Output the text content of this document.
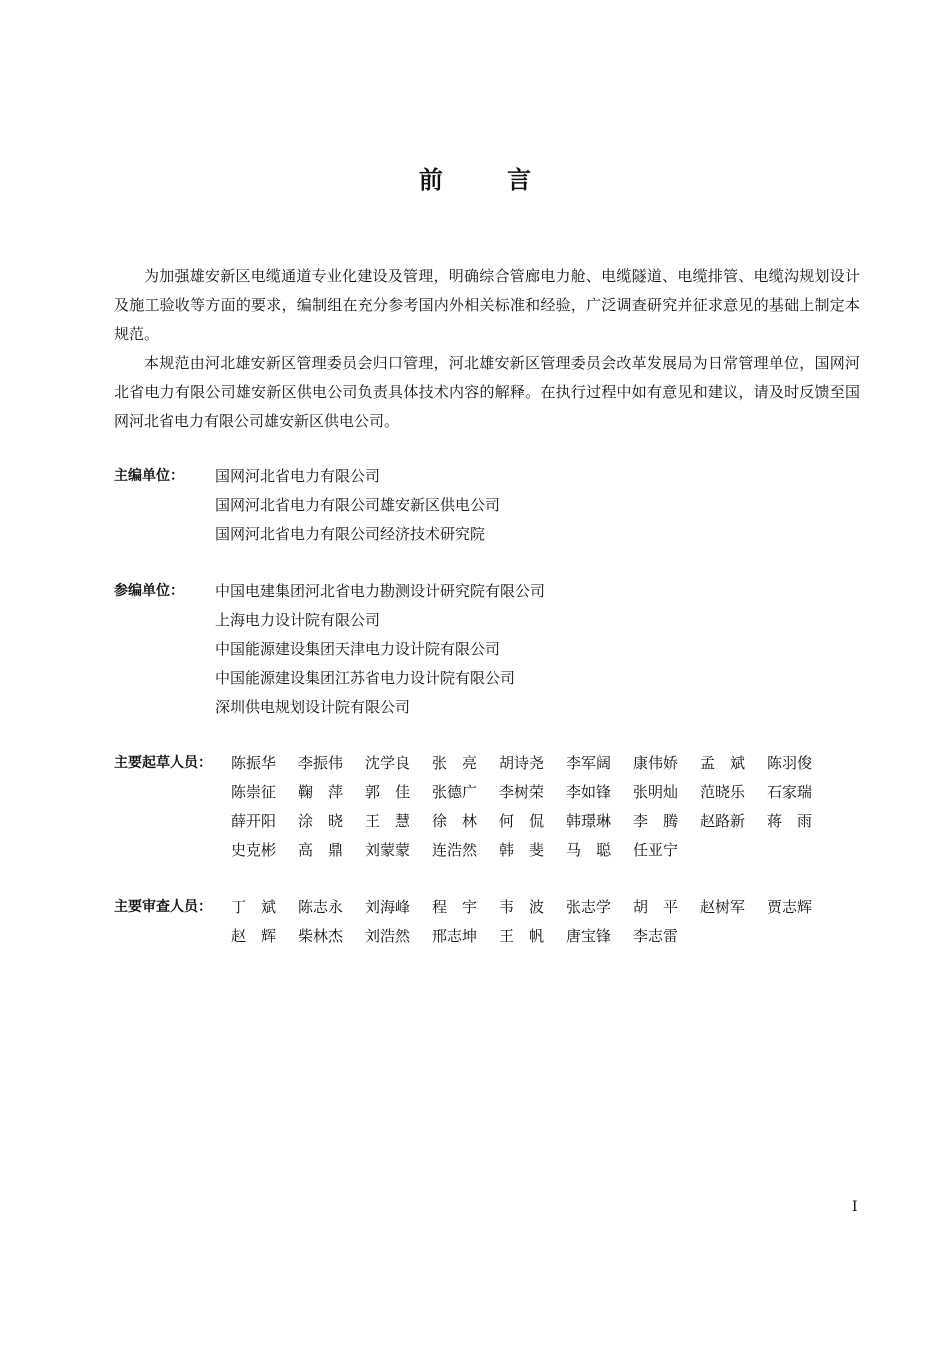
前 言

为加强雄安新区电缆通道专业化建设及管理，明确综合管廊电力舱、电缆隧道、电缆排管、电缆沟规划设计及施工验收等方面的要求，编制组在充分参考国内外相关标准和经验，广泛调查研究并征求意见的基础上制定本规范。

本规范由河北雄安新区管理委员会归口管理，河北雄安新区管理委员会改革发展局为日常管理单位，国网河北省电力有限公司雄安新区供电公司负责具体技术内容的解释。在执行过程中如有意见和建议，请及时反馈至国网河北省电力有限公司雄安新区供电公司。

主编单位：	国网河北省电力有限公司
国网河北省电力有限公司雄安新区供电公司
国网河北省电力有限公司经济技术研究院
参编单位：	中国电建集团河北省电力勘测设计研究院有限公司
上海电力设计院有限公司
中国能源建设集团天津电力设计院有限公司
中国能源建设集团江苏省电力设计院有限公司
深圳供电规划设计院有限公司
主要起草人员：	陈振华	李振伟	沈学良	张　亮	胡诗尧	李军阔	康伟娇	孟　斌	陈羽俊
陈崇征	鞠　萍	郭　佳	张德广	李树荣	李如锋	张明灿	范晓乐	石家瑞
薛开阳	涂　晓	王　慧	徐　林	何　侃	韩璟琳	李　腾	赵路新	蒋　雨
史克彬	高　鼎	刘蒙蒙	连浩然	韩　斐	马　聪	任亚宁
主要审查人员：	丁　斌	陈志永	刘海峰	程　宇	韦　波	张志学	胡　平	赵树军	贾志辉
赵　辉	柴林杰	刘浩然	邢志坤	王　帆	唐宝锋	李志雷
I
